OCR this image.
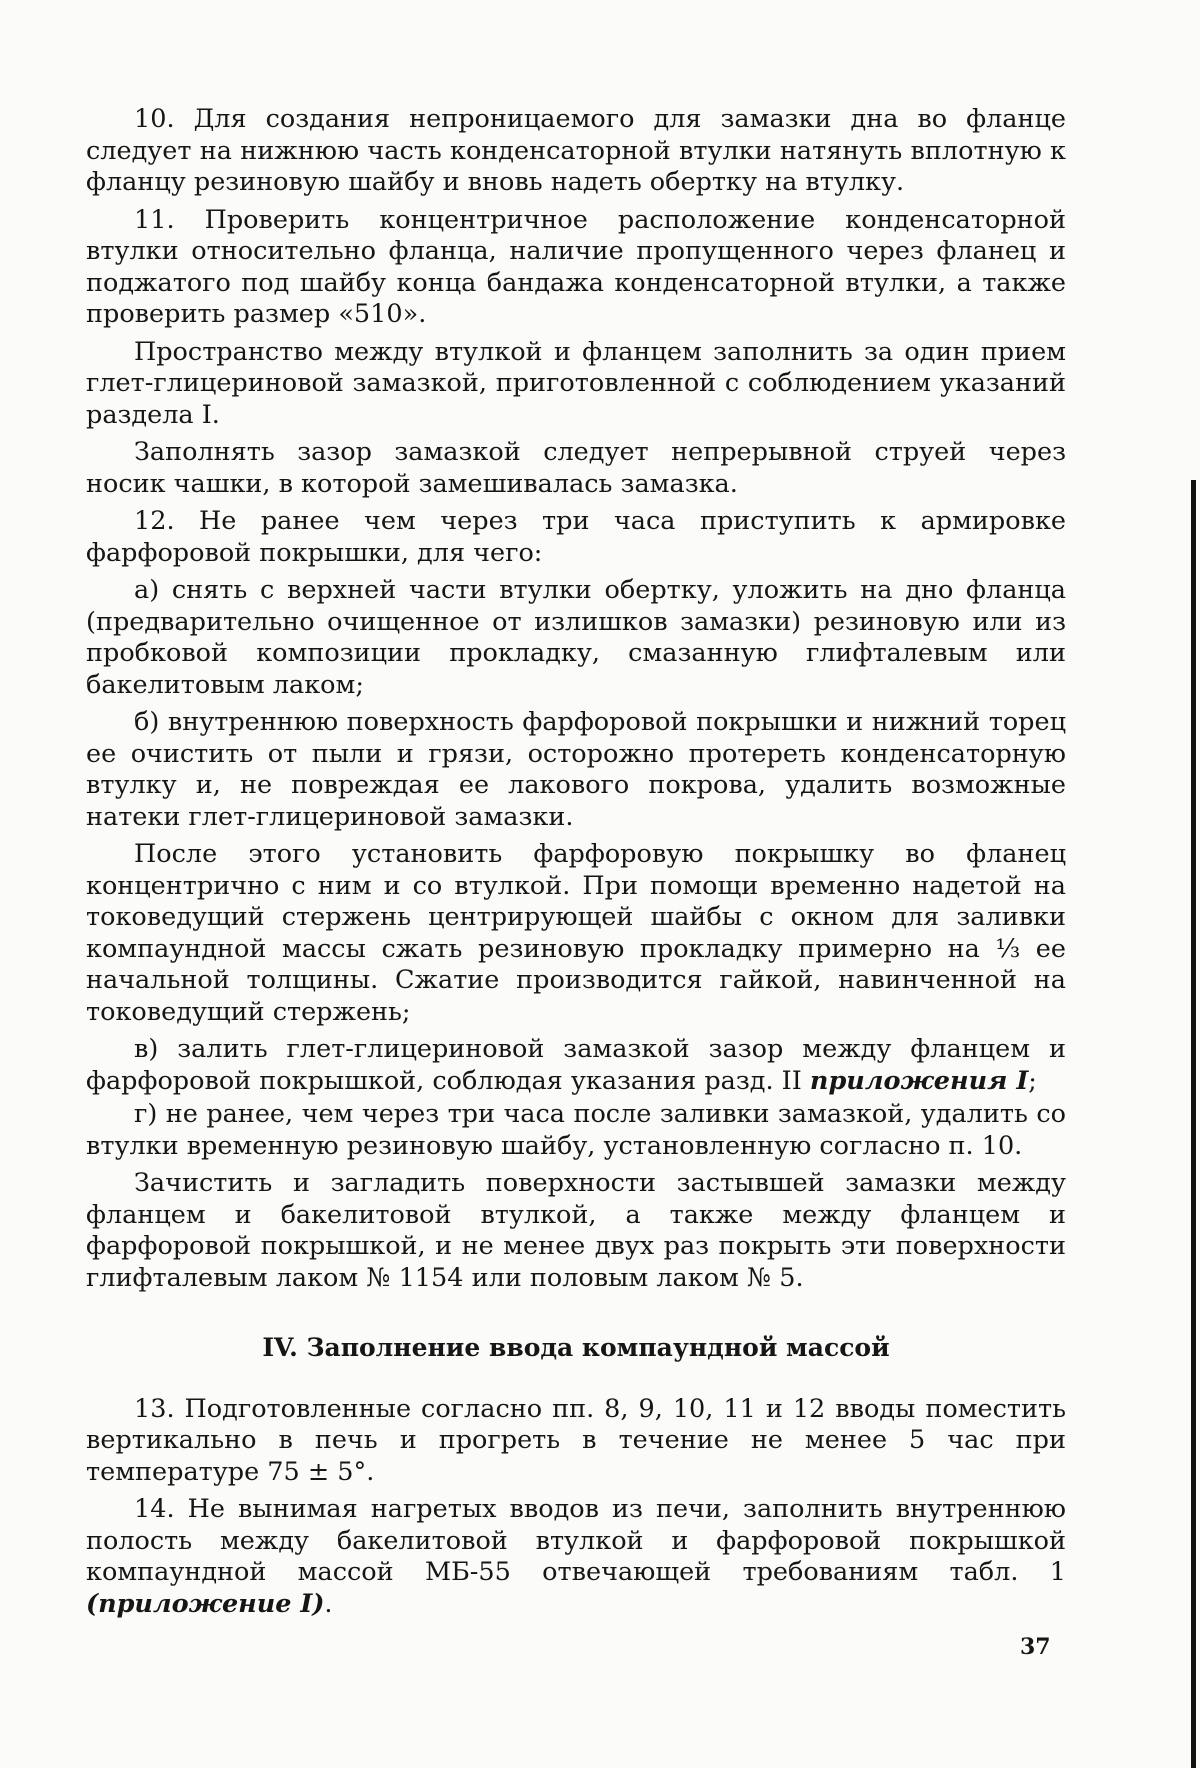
10. Для создания непроницаемого для замазки дна во фланце следует на нижнюю часть конденсаторной втулки натянуть вплотную к фланцу резиновую шайбу и вновь надеть обертку на втулку.

11. Проверить концентричное расположение конденсаторной втулки относительно фланца, наличие пропущенного через фланец и поджатого под шайбу конца бандажа конденсаторной втулки, а также проверить размер «510».

Пространство между втулкой и фланцем заполнить за один прием глет-глицериновой замазкой, приготовленной с соблюдением указаний раздела I.

Заполнять зазор замазкой следует непрерывной струей через носик чашки, в которой замешивалась замазка.

12. Не ранее чем через три часа приступить к армировке фарфоровой покрышки, для чего:

а) снять с верхней части втулки обертку, уложить на дно фланца (предварительно очищенное от излишков замазки) резиновую или из пробковой композиции прокладку, смазанную глифталевым или бакелитовым лаком;

б) внутреннюю поверхность фарфоровой покрышки и нижний торец ее очистить от пыли и грязи, осторожно протереть конденсаторную втулку и, не повреждая ее лакового покрова, удалить возможные натеки глет-глицериновой замазки.

После этого установить фарфоровую покрышку во фланец концентрично с ним и со втулкой. При помощи временно надетой на токоведущий стержень центрирующей шайбы с окном для заливки компаундной массы сжать резиновую прокладку примерно на ⅓ ее начальной толщины. Сжатие производится гайкой, навинченной на токоведущий стержень;

в) залить глет-глицериновой замазкой зазор между фланцем и фарфоровой покрышкой, соблюдая указания разд. II приложения I;

г) не ранее, чем через три часа после заливки замазкой, удалить со втулки временную резиновую шайбу, установленную согласно п. 10.

Зачистить и загладить поверхности застывшей замазки между фланцем и бакелитовой втулкой, а также между фланцем и фарфоровой покрышкой, и не менее двух раз покрыть эти поверхности глифталевым лаком № 1154 или половым лаком № 5.

IV. Заполнение ввода компаундной массой

13. Подготовленные согласно пп. 8, 9, 10, 11 и 12 вводы поместить вертикально в печь и прогреть в течение не менее 5 час при температуре 75 ± 5°.

14. Не вынимая нагретых вводов из печи, заполнить внутреннюю полость между бакелитовой втулкой и фарфоровой покрышкой компаундной массой МБ-55 отвечающей требованиям табл. 1 (приложение I).

37
